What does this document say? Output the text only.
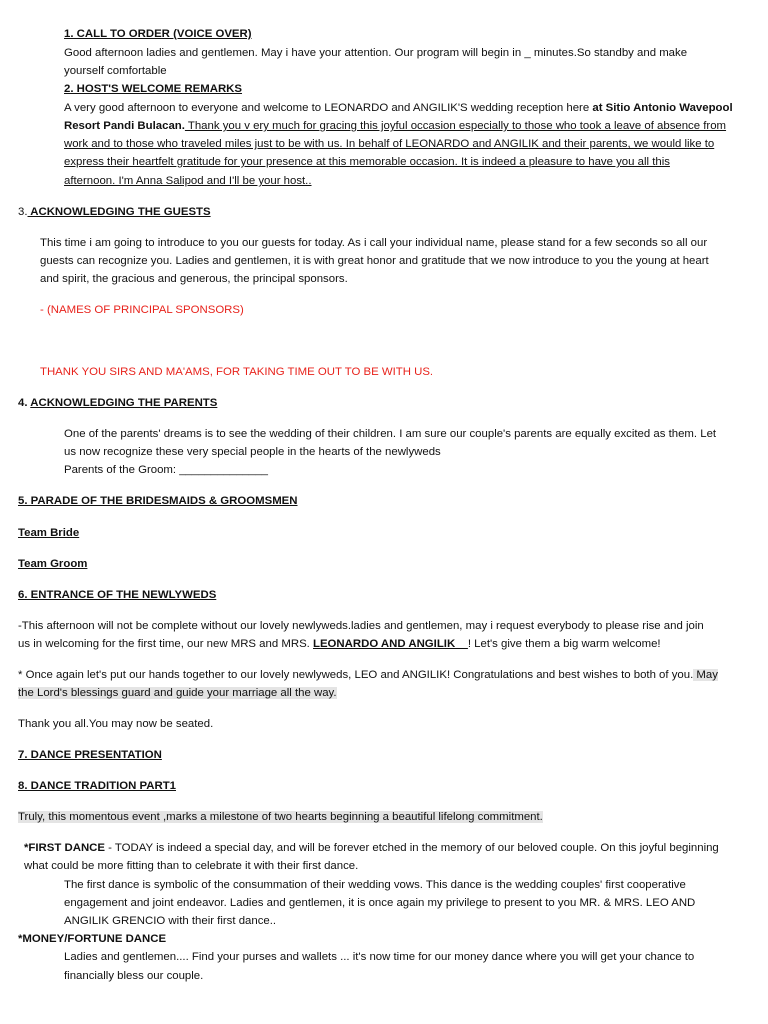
1. CALL TO ORDER (VOICE OVER)
Good afternoon ladies and gentlemen. May i have your attention. Our program will begin in _ minutes.So standby and make
yourself comfortable
2. HOST'S WELCOME REMARKS
A very good afternoon to everyone and welcome to LEONARDO and ANGILIK'S wedding reception here at Sitio Antonio Wavepool
Resort Pandi Bulacan. Thank you v ery much for gracing this joyful occasion especially to those who took a leave of absence from
work and to those who traveled miles just to be with us. In behalf of LEONARDO and ANGILIK and their parents, we would like to
express their heartfelt gratitude for your presence at this memorable occasion. It is indeed a pleasure to have you all this
afternoon. I'm Anna Salipod and I'll be your host..
3. ACKNOWLEDGING THE GUESTS
This time i am going to introduce to you our guests for today. As i call your individual name, please stand for a few seconds so all our
guests can recognize you. Ladies and gentlemen, it is with great honor and gratitude that we now introduce to you the young at heart
and spirit, the gracious and generous, the principal sponsors.
- (NAMES OF PRINCIPAL SPONSORS)
THANK YOU SIRS AND MA'AMS, FOR TAKING TIME OUT TO BE WITH US.
4. ACKNOWLEDGING THE PARENTS
One of the parents' dreams is to see the wedding of their children. I am sure our couple's parents are equally excited as them. Let
us now recognize these very special people in the hearts of the newlyweds
Parents of the Groom: ______________
5. PARADE OF THE BRIDESMAIDS & GROOMSMEN
Team Bride
Team Groom
6. ENTRANCE OF THE NEWLYWEDS
-This afternoon will not be complete without our lovely newlyweds.ladies and gentlemen, may i request everybody to please rise and join
us in welcoming for the first time, our new MRS and MRS. LEONARDO AND ANGILIK__! Let's give them a big warm welcome!
* Once again let's put our hands together to our lovely newlyweds, LEO and ANGILIK! Congratulations and best wishes to both of you. May
the Lord's blessings guard and guide your marriage all the way.
Thank you all.You may now be seated.
7. DANCE PRESENTATION
8. DANCE TRADITION PART1
Truly, this momentous event ,marks a milestone of two hearts beginning a beautiful lifelong commitment.
*FIRST DANCE - TODAY is indeed a special day, and will be forever etched in the memory of our beloved couple. On this joyful beginning
what could be more fitting than to celebrate it with their first dance.
The first dance is symbolic of the consummation of their wedding vows. This dance is the wedding couples' first cooperative
engagement and joint endeavor. Ladies and gentlemen, it is once again my privilege to present to you MR. & MRS. LEO AND
ANGILIK GRENCIO with their first dance..
*MONEY/FORTUNE DANCE
Ladies and gentlemen.... Find your purses and wallets ... it's now time for our money dance where you will get your chance to
financially bless our couple.
